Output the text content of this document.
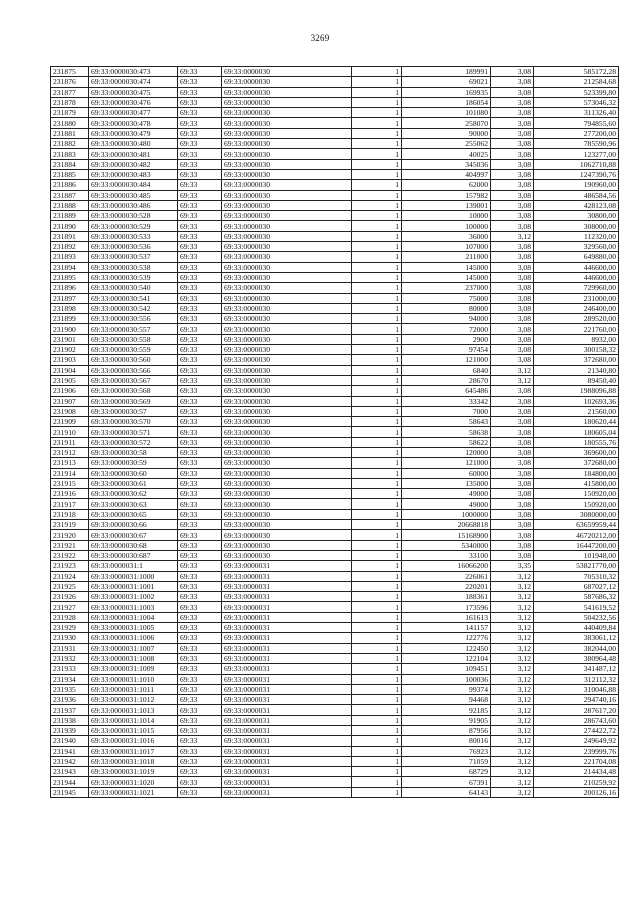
3269
231875	69:33:0000030:473	69:33	69:33:0000030	1	189991	3,08	585172,28
231876	69:33:0000030:474	69:33	69:33:0000030	1	69021	3,08	212584,68
231877	69:33:0000030:475	69:33	69:33:0000030	1	169935	3,08	523399,80
231878	69:33:0000030:476	69:33	69:33:0000030	1	186054	3,08	573046,32
231879	69:33:0000030:477	69:33	69:33:0000030	1	101080	3,08	311326,40
231880	69:33:0000030:478	69:33	69:33:0000030	1	258070	3,08	794855,60
231881	69:33:0000030:479	69:33	69:33:0000030	1	90000	3,08	277200,00
231882	69:33:0000030:480	69:33	69:33:0000030	1	255062	3,08	785590,96
231883	69:33:0000030:481	69:33	69:33:0000030	1	40025	3,08	123277,00
231884	69:33:0000030:482	69:33	69:33:0000030	1	345036	3,08	1062710,88
231885	69:33:0000030:483	69:33	69:33:0000030	1	404997	3,08	1247390,76
231886	69:33:0000030:484	69:33	69:33:0000030	1	62000	3,08	190960,00
231887	69:33:0000030:485	69:33	69:33:0000030	1	157982	3,08	486584,56
231888	69:33:0000030:486	69:33	69:33:0000030	1	139001	3,08	428123,08
231889	69:33:0000030:528	69:33	69:33:0000030	1	10000	3,08	30800,00
231890	69:33:0000030:529	69:33	69:33:0000030	1	100000	3,08	308000,00
231891	69:33:0000030:533	69:33	69:33:0000030	1	36000	3,12	112320,00
231892	69:33:0000030:536	69:33	69:33:0000030	1	107000	3,08	329560,00
231893	69:33:0000030:537	69:33	69:33:0000030	1	211000	3,08	649880,00
231894	69:33:0000030:538	69:33	69:33:0000030	1	145000	3,08	446600,00
231895	69:33:0000030:539	69:33	69:33:0000030	1	145000	3,08	446600,00
231896	69:33:0000030:540	69:33	69:33:0000030	1	237000	3,08	729960,00
231897	69:33:0000030:541	69:33	69:33:0000030	1	75000	3,08	231000,00
231898	69:33:0000030:542	69:33	69:33:0000030	1	80000	3,08	246400,00
231899	69:33:0000030:556	69:33	69:33:0000030	1	94000	3,08	289520,00
231900	69:33:0000030:557	69:33	69:33:0000030	1	72000	3,08	221760,00
231901	69:33:0000030:558	69:33	69:33:0000030	1	2900	3,08	8932,00
231902	69:33:0000030:559	69:33	69:33:0000030	1	97454	3,08	300158,32
231903	69:33:0000030:560	69:33	69:33:0000030	1	121000	3,08	372680,00
231904	69:33:0000030:566	69:33	69:33:0000030	1	6840	3,12	21340,80
231905	69:33:0000030:567	69:33	69:33:0000030	1	28670	3,12	89450,40
231906	69:33:0000030:568	69:33	69:33:0000030	1	645486	3,08	1988096,88
231907	69:33:0000030:569	69:33	69:33:0000030	1	33342	3,08	102693,36
231908	69:33:0000030:57	69:33	69:33:0000030	1	7000	3,08	21560,00
231909	69:33:0000030:570	69:33	69:33:0000030	1	58643	3,08	180620,44
231910	69:33:0000030:571	69:33	69:33:0000030	1	58638	3,08	180605,04
231911	69:33:0000030:572	69:33	69:33:0000030	1	58622	3,08	180555,76
231912	69:33:0000030:58	69:33	69:33:0000030	1	120000	3,08	369600,00
231913	69:33:0000030:59	69:33	69:33:0000030	1	121000	3,08	372680,00
231914	69:33:0000030:60	69:33	69:33:0000030	1	60000	3,08	184800,00
231915	69:33:0000030:61	69:33	69:33:0000030	1	135000	3,08	415800,00
231916	69:33:0000030:62	69:33	69:33:0000030	1	49000	3,08	150920,00
231917	69:33:0000030:63	69:33	69:33:0000030	1	49000	3,08	150920,00
231918	69:33:0000030:65	69:33	69:33:0000030	1	1000000	3,08	3080000,00
231919	69:33:0000030:66	69:33	69:33:0000030	1	20668818	3,08	63659959,44
231920	69:33:0000030:67	69:33	69:33:0000030	1	15168900	3,08	46720212,00
231921	69:33:0000030:68	69:33	69:33:0000030	1	5340000	3,08	16447200,00
231922	69:33:0000030:687	69:33	69:33:0000030	1	33100	3,08	101948,00
231923	69:33:0000031:1	69:33	69:33:0000031	1	16066200	3,35	53821770,00
231924	69:33:0000031:1000	69:33	69:33:0000031	1	226061	3,12	705310,32
231925	69:33:0000031:1001	69:33	69:33:0000031	1	220201	3,12	687027,12
231926	69:33:0000031:1002	69:33	69:33:0000031	1	188361	3,12	587686,32
231927	69:33:0000031:1003	69:33	69:33:0000031	1	173596	3,12	541619,52
231928	69:33:0000031:1004	69:33	69:33:0000031	1	161613	3,12	504232,56
231929	69:33:0000031:1005	69:33	69:33:0000031	1	141157	3,12	440409,84
231930	69:33:0000031:1006	69:33	69:33:0000031	1	122776	3,12	383061,12
231931	69:33:0000031:1007	69:33	69:33:0000031	1	122450	3,12	382044,00
231932	69:33:0000031:1008	69:33	69:33:0000031	1	122104	3,12	380964,48
231933	69:33:0000031:1009	69:33	69:33:0000031	1	109451	3,12	341487,12
231934	69:33:0000031:1010	69:33	69:33:0000031	1	100036	3,12	312112,32
231935	69:33:0000031:1011	69:33	69:33:0000031	1	99374	3,12	310046,88
231936	69:33:0000031:1012	69:33	69:33:0000031	1	94468	3,12	294740,16
231937	69:33:0000031:1013	69:33	69:33:0000031	1	92185	3,12	287617,20
231938	69:33:0000031:1014	69:33	69:33:0000031	1	91905	3,12	286743,60
231939	69:33:0000031:1015	69:33	69:33:0000031	1	87956	3,12	274422,72
231940	69:33:0000031:1016	69:33	69:33:0000031	1	80016	3,12	249649,92
231941	69:33:0000031:1017	69:33	69:33:0000031	1	76923	3,12	239999,76
231942	69:33:0000031:1018	69:33	69:33:0000031	1	71059	3,12	221704,08
231943	69:33:0000031:1019	69:33	69:33:0000031	1	68729	3,12	214434,48
231944	69:33:0000031:1020	69:33	69:33:0000031	1	67391	3,12	210259,92
231945	69:33:0000031:1021	69:33	69:33:0000031	1	64143	3,12	200126,16
